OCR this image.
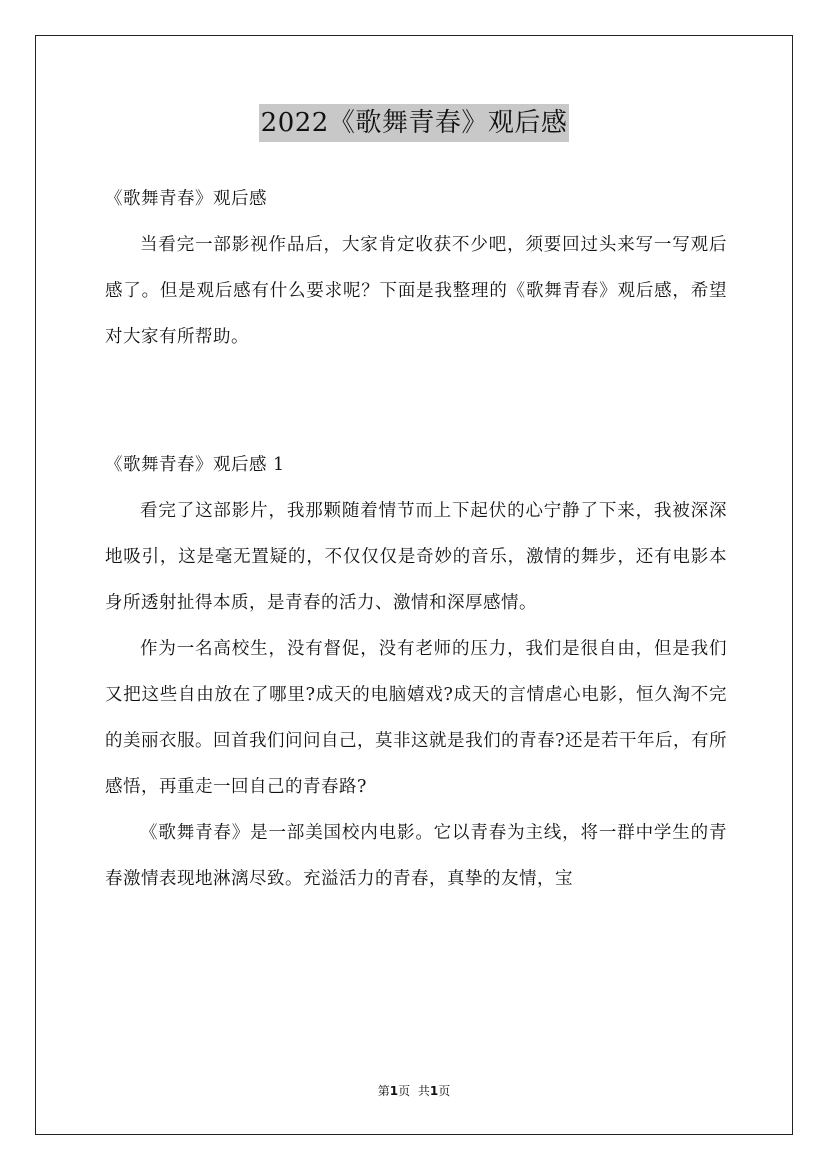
2022《歌舞青春》观后感

《歌舞青春》观后感

当看完一部影视作品后，大家肯定收获不少吧，须要回过头来写一写观后感了。但是观后感有什么要求呢？下面是我整理的《歌舞青春》观后感，希望对大家有所帮助。

《歌舞青春》观后感 1

看完了这部影片，我那颗随着情节而上下起伏的心宁静了下来，我被深深地吸引，这是毫无置疑的，不仅仅仅是奇妙的音乐，激情的舞步，还有电影本身所透射扯得本质，是青春的活力、激情和深厚感情。

作为一名高校生，没有督促，没有老师的压力，我们是很自由，但是我们又把这些自由放在了哪里?成天的电脑嬉戏?成天的言情虐心电影，恒久淘不完的美丽衣服。回首我们问问自己，莫非这就是我们的青春?还是若干年后，有所感悟，再重走一回自己的青春路?

《歌舞青春》是一部美国校内电影。它以青春为主线，将一群中学生的青春激情表现地淋漓尽致。充溢活力的青春，真挚的友情，宝

第1页 共1页
